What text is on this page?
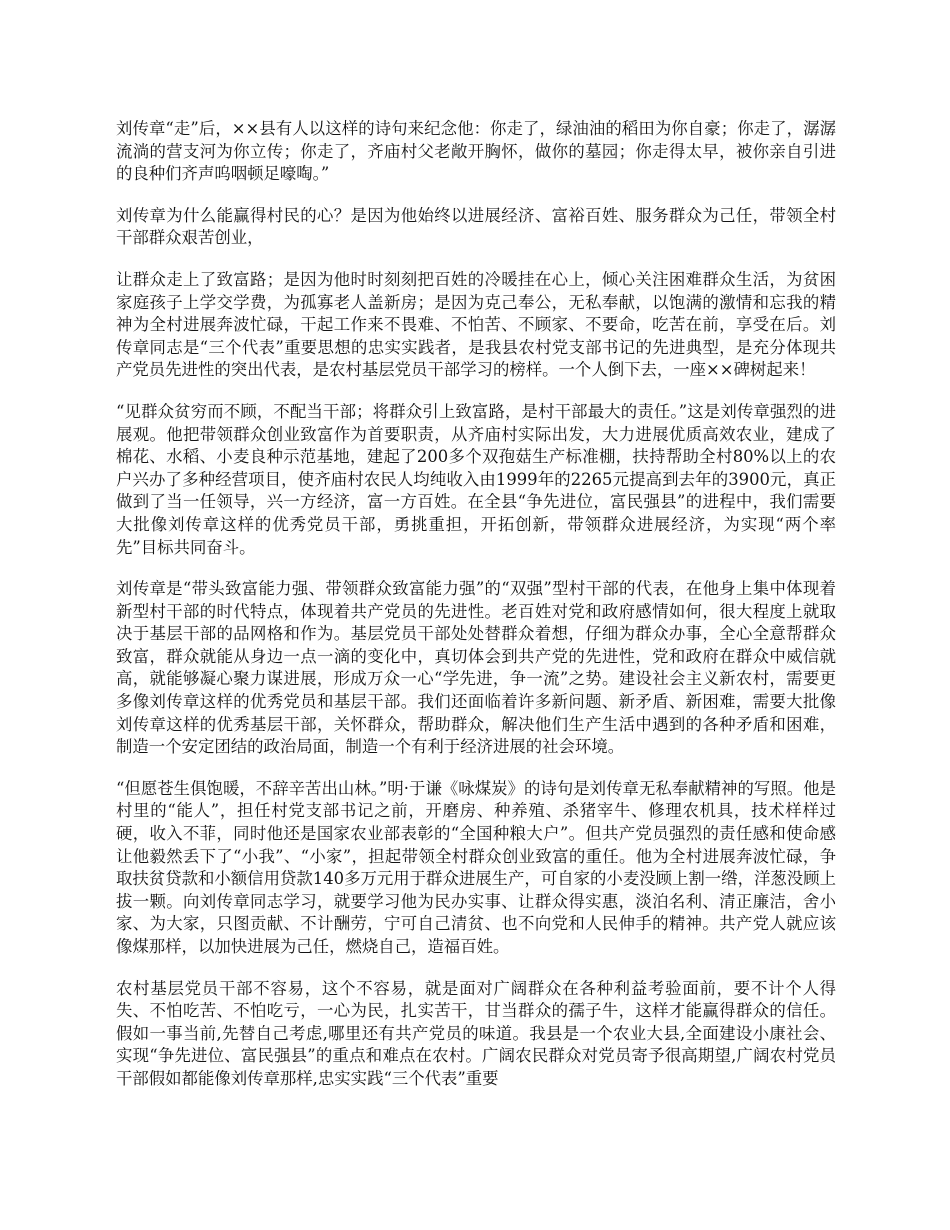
刘传章“走”后，××县有人以这样的诗句来纪念他：你走了，绿油油的稻田为你自豪；你走了，潺潺流淌的营支河为你立传；你走了，齐庙村父老敞开胸怀，做你的墓园；你走得太早，被你亲自引进的良种们齐声呜咽顿足嚎啕。”

刘传章为什么能赢得村民的心？是因为他始终以进展经济、富裕百姓、服务群众为己任，带领全村干部群众艰苦创业，

让群众走上了致富路；是因为他时时刻刻把百姓的冷暖挂在心上，倾心关注困难群众生活，为贫困家庭孩子上学交学费，为孤寡老人盖新房；是因为克己奉公，无私奉献，以饱满的激情和忘我的精神为全村进展奔波忙碌，干起工作来不畏难、不怕苦、不顾家、不要命，吃苦在前，享受在后。刘传章同志是“三个代表”重要思想的忠实实践者，是我县农村党支部书记的先进典型，是充分体现共产党员先进性的突出代表，是农村基层党员干部学习的榜样。一个人倒下去，一座××碑树起来！

“见群众贫穷而不顾，不配当干部；将群众引上致富路，是村干部最大的责任。”这是刘传章强烈的进展观。他把带领群众创业致富作为首要职责，从齐庙村实际出发，大力进展优质高效农业，建成了棉花、水稻、小麦良种示范基地，建起了200多个双孢菇生产标准棚，扶持帮助全村80%以上的农户兴办了多种经营项目，使齐庙村农民人均纯收入由1999年的2265元提高到去年的3900元，真正做到了当一任领导，兴一方经济，富一方百姓。在全县“争先进位，富民强县”的进程中，我们需要大批像刘传章这样的优秀党员干部，勇挑重担，开拓创新，带领群众进展经济，为实现“两个率先”目标共同奋斗。

刘传章是“带头致富能力强、带领群众致富能力强”的“双强”型村干部的代表，在他身上集中体现着新型村干部的时代特点，体现着共产党员的先进性。老百姓对党和政府感情如何，很大程度上就取决于基层干部的品网格和作为。基层党员干部处处替群众着想，仔细为群众办事，全心全意帮群众致富，群众就能从身边一点一滴的变化中，真切体会到共产党的先进性，党和政府在群众中威信就高，就能够凝心聚力谋进展，形成万众一心“学先进，争一流”之势。建设社会主义新农村，需要更多像刘传章这样的优秀党员和基层干部。我们还面临着许多新问题、新矛盾、新困难，需要大批像刘传章这样的优秀基层干部，关怀群众，帮助群众，解决他们生产生活中遇到的各种矛盾和困难，制造一个安定团结的政治局面，制造一个有利于经济进展的社会环境。

“但愿苍生俱饱暖，不辞辛苦出山林。”明·于谦《咏煤炭》的诗句是刘传章无私奉献精神的写照。他是村里的“能人”，担任村党支部书记之前，开磨房、种养殖、杀猪宰牛、修理农机具，技术样样过硬，收入不菲，同时他还是国家农业部表彰的“全国种粮大户”。但共产党员强烈的责任感和使命感让他毅然丢下了“小我”、“小家”，担起带领全村群众创业致富的重任。他为全村进展奔波忙碌，争取扶贫贷款和小额信用贷款140多万元用于群众进展生产，可自家的小麦没顾上割一绺，洋葱没顾上拔一颗。向刘传章同志学习，就要学习他为民办实事、让群众得实惠，淡泊名利、清正廉洁，舍小家、为大家，只图贡献、不计酬劳，宁可自己清贫、也不向党和人民伸手的精神。共产党人就应该像煤那样，以加快进展为己任，燃烧自己，造福百姓。

农村基层党员干部不容易，这个不容易，就是面对广阔群众在各种利益考验面前，要不计个人得失、不怕吃苦、不怕吃亏，一心为民，扎实苦干，甘当群众的孺子牛，这样才能赢得群众的信任。假如一事当前,先替自己考虑,哪里还有共产党员的味道。我县是一个农业大县,全面建设小康社会、实现“争先进位、富民强县”的重点和难点在农村。广阔农民群众对党员寄予很高期望,广阔农村党员干部假如都能像刘传章那样,忠实实践“三个代表”重要
